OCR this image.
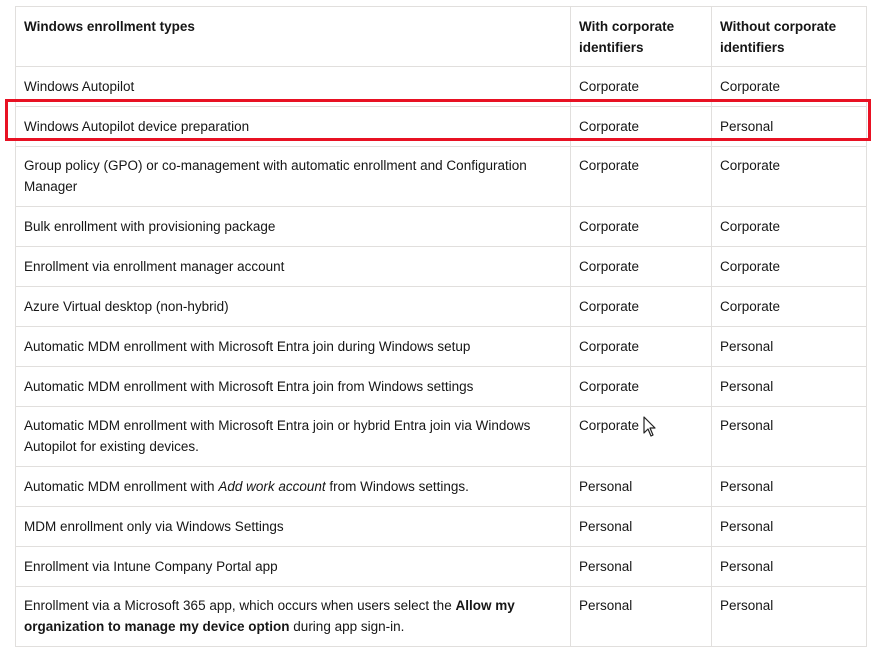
Windows enrollment types	With corporate identifiers	Without corporate identifiers
Windows Autopilot	Corporate	Corporate
Windows Autopilot device preparation	Corporate	Personal
Group policy (GPO) or co-management with automatic enrollment and Configuration Manager	Corporate	Corporate
Bulk enrollment with provisioning package	Corporate	Corporate
Enrollment via enrollment manager account	Corporate	Corporate
Azure Virtual desktop (non-hybrid)	Corporate	Corporate
Automatic MDM enrollment with Microsoft Entra join during Windows setup	Corporate	Personal
Automatic MDM enrollment with Microsoft Entra join from Windows settings	Corporate	Personal
Automatic MDM enrollment with Microsoft Entra join or hybrid Entra join via Windows Autopilot for existing devices.	Corporate	Personal
Automatic MDM enrollment with Add work account from Windows settings.	Personal	Personal
MDM enrollment only via Windows Settings	Personal	Personal
Enrollment via Intune Company Portal app	Personal	Personal
Enrollment via a Microsoft 365 app, which occurs when users select the Allow my organization to manage my device option during app sign-in.	Personal	Personal
